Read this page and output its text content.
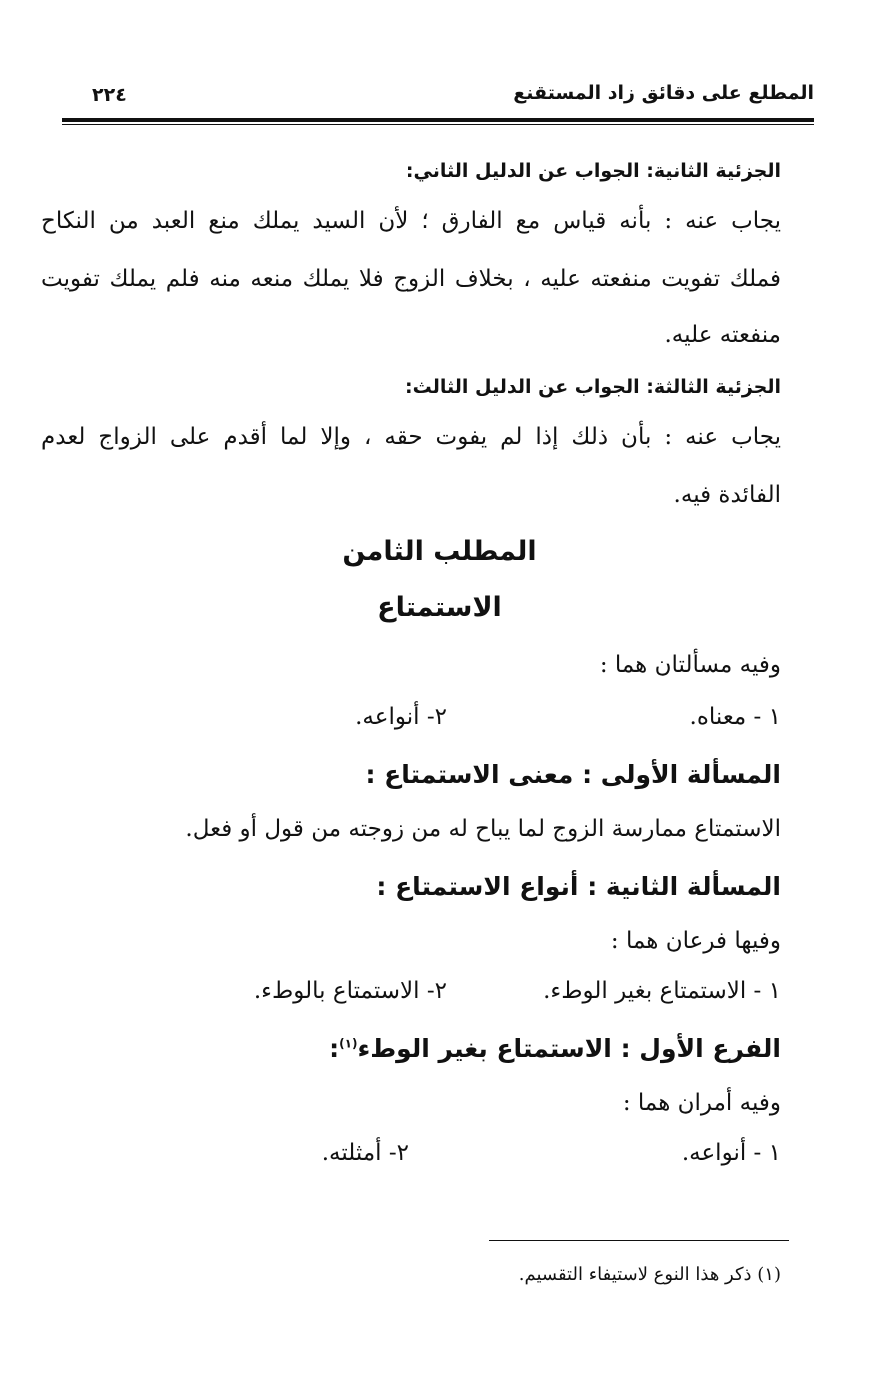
المطلع على دقائق زاد المستقنع
٢٢٤
الجزئية الثانية: الجواب عن الدليل الثاني:
يجاب عنه : بأنه قياس مع الفارق ؛ لأن السيد يملك منع العبد من النكاح
فملك تفويت منفعته عليه ، بخلاف الزوج فلا يملك منعه منه فلم يملك تفويت
منفعته عليه.
الجزئية الثالثة: الجواب عن الدليل الثالث:
يجاب عنه : بأن ذلك إذا لم يفوت حقه ، وإلا لما أقدم على الزواج لعدم
الفائدة فيه.
المطلب الثامن
الاستمتاع
وفيه مسألتان هما :
١ - معناه.
٢- أنواعه.
المسألة الأولى : معنى الاستمتاع :
الاستمتاع ممارسة الزوج لما يباح له من زوجته من قول أو فعل.
المسألة الثانية : أنواع الاستمتاع :
وفيها فرعان هما :
١ - الاستمتاع بغير الوطء.
٢- الاستمتاع بالوطء.
الفرع الأول : الاستمتاع بغير الوطء$^{(١)}$:
وفيه أمران هما :
١ - أنواعه.
٢- أمثلته.
(١) ذكر هذا النوع لاستيفاء التقسيم.
